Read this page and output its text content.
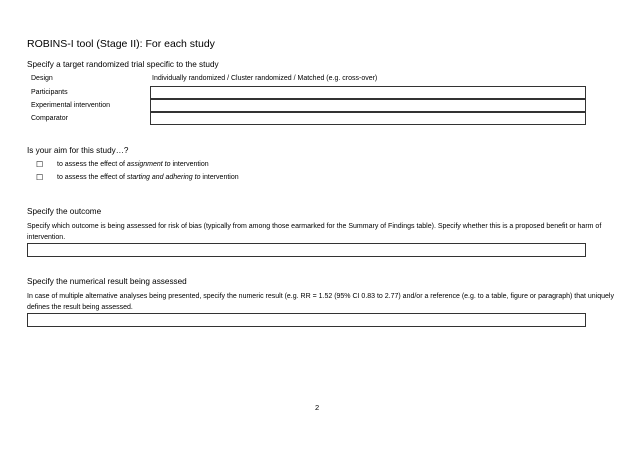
ROBINS-I tool (Stage II): For each study
Specify a target randomized trial specific to the study
Design	Individually randomized / Cluster randomized / Matched (e.g. cross-over)
Participants
Experimental intervention
Comparator
Is your aim for this study…?
☐ to assess the effect of assignment to intervention
☐ to assess the effect of starting and adhering to intervention
Specify the outcome
Specify which outcome is being assessed for risk of bias (typically from among those earmarked for the Summary of Findings table). Specify whether this is a proposed benefit or harm of intervention.
Specify the numerical result being assessed
In case of multiple alternative analyses being presented, specify the numeric result (e.g. RR = 1.52 (95% CI 0.83 to 2.77) and/or a reference (e.g. to a table, figure or paragraph) that uniquely defines the result being assessed.
2
